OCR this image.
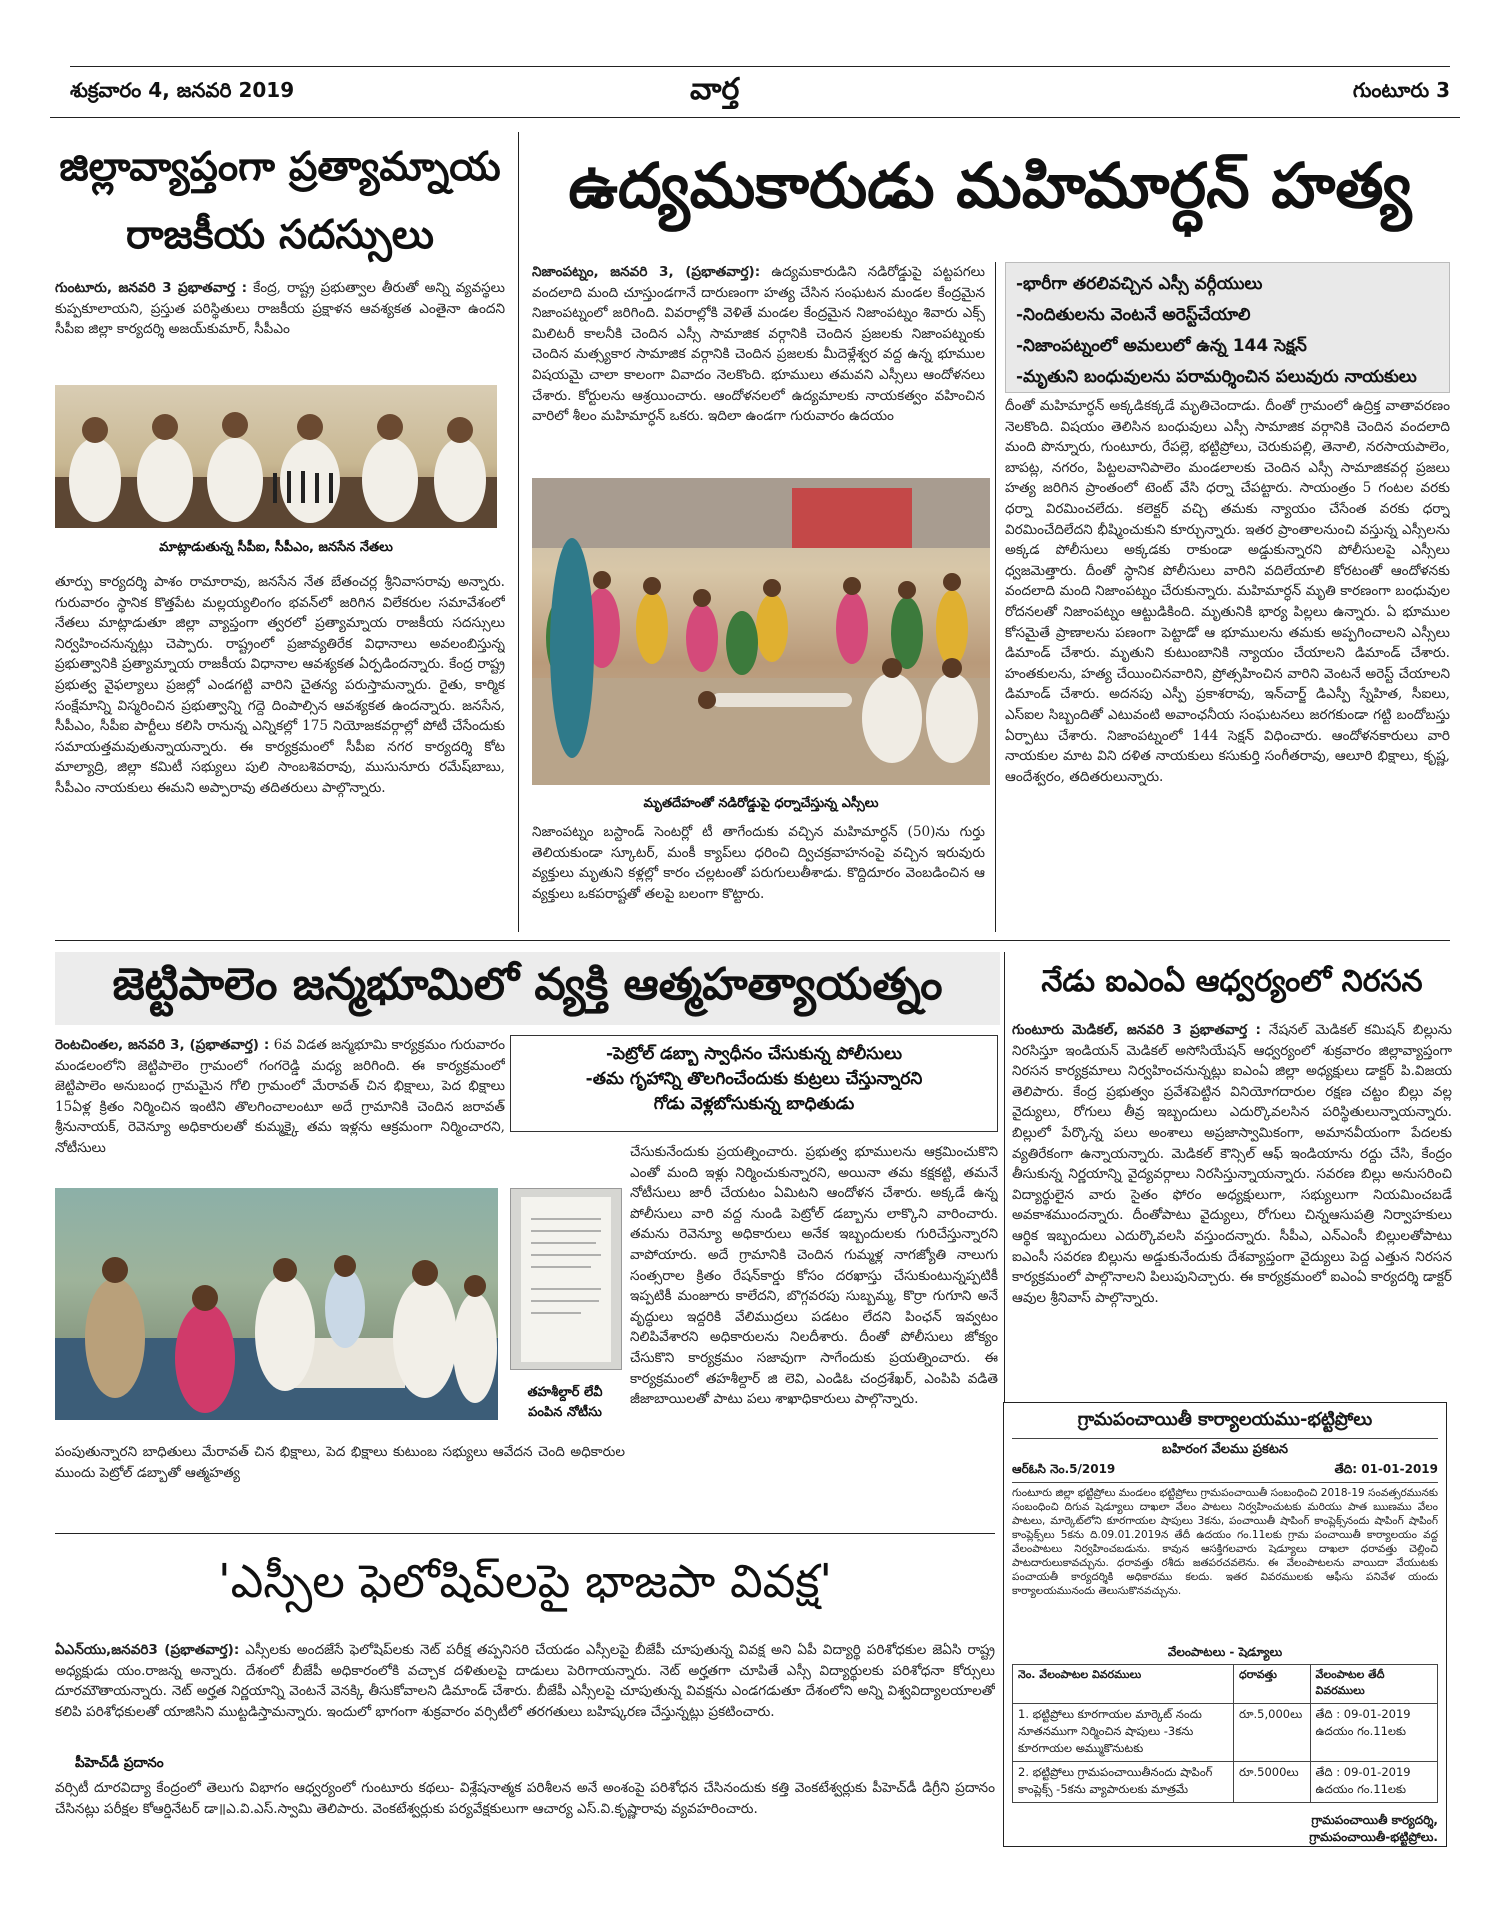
శుక్రవారం 4, జనవరి 2019	వార్త	గుంటూరు 3
జిల్లావ్యాప్తంగా ప్రత్యామ్నాయ
రాజకీయ సదస్సులు
గుంటూరు, జనవరి 3 ప్రభాతవార్త : కేంద్ర, రాష్ట్ర ప్రభుత్వాల తీరుతో అన్ని వ్యవస్థలు కుప్పకూలాయని, ప్రస్తుత పరిస్థితులు రాజకీయ ప్రక్షాళన ఆవశ్యకత ఎంతైనా ఉందని సీపీఐ జిల్లా కార్యదర్శి అజయ్‌కుమార్, సీపీఎం
మాట్లాడుతున్న సీపీఐ, సీపీఎం, జనసేన నేతలు
తూర్పు కార్యదర్శి పాశం రామారావు, జనసేన నేత బేతంచర్ల శ్రీనివాసరావు అన్నారు. గురువారం స్థానిక కొత్తపేట మల్లయ్యలింగం భవన్‌లో జరిగిన విలేకరుల సమావేశంలో నేతలు మాట్లాడుతూ జిల్లా వ్యాప్తంగా త్వరలో ప్రత్యామ్నాయ రాజకీయ సదస్సులు నిర్వహించనున్నట్లు చెప్పారు. రాష్ట్రంలో ప్రజావ్యతిరేక విధానాలు అవలంబిస్తున్న ప్రభుత్వానికి ప్రత్యామ్నాయ రాజకీయ విధానాల ఆవశ్యకత ఏర్పడిందన్నారు. కేంద్ర రాష్ట్ర ప్రభుత్వ వైఫల్యాలు ప్రజల్లో ఎండగట్టి వారిని చైతన్య పరుస్తామన్నారు. రైతు, కార్మిక సంక్షేమాన్ని విస్మరించిన ప్రభుత్వాన్ని గద్దె దింపాల్సిన ఆవశ్యకత ఉందన్నారు. జనసేన, సీపీఎం, సీపీఐ పార్టీలు కలిసి రానున్న ఎన్నికల్లో 175 నియోజకవర్గాల్లో పోటీ చేసేందుకు సమాయత్తమవుతున్నాయన్నారు. ఈ కార్యక్రమంలో సీపీఐ నగర కార్యదర్శి కోట మాల్యాద్రి, జిల్లా కమిటీ సభ్యులు పులి సాంబశివరావు, ముసునూరు రమేష్‌బాబు, సీపీఎం నాయకులు ఈమని అప్పారావు తదితరులు పాల్గొన్నారు.
ఉద్యమకారుడు మహిమార్ధన్ హత్య
నిజాంపట్నం, జనవరి 3, (ప్రభాతవార్త): ఉద్యమకారుడిని నడిరోడ్డుపై పట్టపగలు వందలాది మంది చూస్తుండగానే దారుణంగా హత్య చేసిన సంఘటన మండల కేంద్రమైన నిజాంపట్నంలో జరిగింది. వివరాల్లోకి వెళితే మండల కేంద్రమైన నిజాంపట్నం శివారు ఎక్స్ మిలిటరీ కాలనీకి చెందిన ఎస్సీ సామాజిక వర్గానికి చెందిన ప్రజలకు నిజాంపట్నంకు చెందిన మత్స్యకార సామాజిక వర్గానికి చెందిన ప్రజలకు మీదెళ్లేశ్వర వద్ద ఉన్న భూముల విషయమై చాలా కాలంగా వివాదం నెలకొంది. భూములు తమవని ఎస్సీలు ఆందోళనలు చేశారు. కోర్టులను ఆశ్రయించారు. ఆందోళనలలో ఉద్యమాలకు నాయకత్వం వహించిన వారిలో శీలం మహిమార్ధన్ ఒకరు. ఇదిలా ఉండగా గురువారం ఉదయం
-భారీగా తరలివచ్చిన ఎస్సీ వర్గీయులు
-నిందితులను వెంటనే అరెస్ట్‌చేయాలి
-నిజాంపట్నంలో అమలులో ఉన్న 144 సెక్షన్
-మృతుని బంధువులను పరామర్శించిన పలువురు నాయకులు
దీంతో మహిమార్ధన్ అక్కడికక్కడే మృతిచెందాడు. దీంతో గ్రామంలో ఉద్రిక్త వాతావరణం నెలకొంది. విషయం తెలిసిన బంధువులు ఎస్సీ సామాజిక వర్గానికి చెందిన వందలాది మంది పొన్నూరు, గుంటూరు, రేపల్లె, భట్టిప్రోలు, చెరుకుపల్లి, తెనాలి, నరసాయపాలెం, బాపట్ల, నగరం, పిట్టలవానిపాలెం మండలాలకు చెందిన ఎస్సీ సామాజికవర్గ ప్రజలు హత్య జరిగిన ప్రాంతంలో టెంట్ వేసి ధర్నా చేపట్టారు. సాయంత్రం 5 గంటల వరకు ధర్నా విరమించలేదు. కలెక్టర్ వచ్చి తమకు న్యాయం చేసేంత వరకు ధర్నా విరమించేదిలేదని భీష్మించుకుని కూర్చున్నారు. ఇతర ప్రాంతాలనుంచి వస్తున్న ఎస్సీలను అక్కడ పోలీసులు అక్కడకు రాకుండా అడ్డుకున్నారని పోలీసులపై ఎస్సీలు ధ్వజమెత్తారు. దీంతో స్థానిక పోలీసులు వారిని వదిలేయాలి కోరటంతో ఆందోళనకు వందలాది మంది నిజాంపట్నం చేరుకున్నారు. మహిమార్ధన్ మృతి కారణంగా బంధువుల రోదనలతో నిజాంపట్నం ఆట్టుడికింది. మృతునికి భార్య పిల్లలు ఉన్నారు. ఏ భూముల కోసమైతే ప్రాణాలను పణంగా పెట్టాడో ఆ భూములను తమకు అప్పగించాలని ఎస్సీలు డిమాండ్ చేశారు. మృతుని కుటుంబానికి న్యాయం చేయాలని డిమాండ్ చేశారు. హంతకులను, హత్య చేయించినవారిని, ప్రోత్సహించిన వారిని వెంటనే అరెస్ట్ చేయాలని డిమాండ్ చేశారు. అదనపు ఎస్పీ ప్రకాశరావు, ఇన్‌చార్జ్ డిఎస్పీ స్నేహిత, సీఐలు, ఎస్ఐల సిబ్బందితో ఎటువంటి అవాంఛనీయ సంఘటనలు జరగకుండా గట్టి బందోబస్తు ఏర్పాటు చేశారు. నిజాంపట్నంలో 144 సెక్షన్ విధించారు. ఆందోళనకారులు వారి నాయకుల మాట విని దళిత నాయకులు కసుకుర్తి సంగీతరావు, ఆలూరి భిక్షాలు, కృష్ణ, ఆందేశ్వరం, తదితరులున్నారు.
మృతదేహంతో నడిరోడ్డుపై ధర్నాచేస్తున్న ఎస్సీలు
నిజాంపట్నం బస్టాండ్ సెంటర్లో టీ తాగేందుకు వచ్చిన మహిమార్ధన్ (50)ను గుర్తు తెలియకుండా స్కూటర్, మంకీ క్యాప్‌లు ధరించి ద్విచక్రవాహనంపై వచ్చిన ఇరువురు వ్యక్తులు మృతుని కళ్లల్లో కారం చల్లటంతో పరుగులుతీశాడు. కొద్దిదూరం వెంబడించిన ఆ వ్యక్తులు ఒకపరాష్టతో తలపై బలంగా కొట్టారు.
జెట్టిపాలెం జన్మభూమిలో వ్యక్తి ఆత్మహత్యాయత్నం
రెంటచింతల, జనవరి 3, (ప్రభాతవార్త) : 6వ విడత జన్మభూమి కార్యక్రమం గురువారం మండలంలోని జెట్టిపాలెం గ్రామంలో గంగరెడ్డి మధ్య జరిగింది. ఈ కార్యక్రమంలో జెట్టిపాలెం అనుబంధ గ్రామమైన గోలి గ్రామంలో మేరావత్ చిన భిక్షాలు, పెద భిక్షాలు 15ఏళ్ల క్రితం నిర్మించిన ఇంటిని తొలగించాలంటూ అదే గ్రామానికి చెందిన జరావత్ శ్రీనునాయక్, రెవెన్యూ అధికారులతో కుమ్మక్కై తమ ఇళ్లను ఆక్రమంగా నిర్మించారని, నోటీసులు
-పెట్రోల్ డబ్బా స్వాధీనం చేసుకున్న పోలీసులు
-తమ గృహాన్ని తొలగించేందుకు కుట్రలు చేస్తున్నారని
గోడు వెళ్లబోసుకున్న బాధితుడు
తహశీల్దార్ లేవీ
పంపిన నోటీసు
చేసుకునేందుకు ప్రయత్నించారు. ప్రభుత్వ భూములను ఆక్రమించుకొని ఎంతో మంది ఇళ్లు నిర్మించుకున్నారని, అయినా తమ కక్షకట్టి, తమనే నోటీసులు జారీ చేయటం ఏమిటని ఆందోళన చేశారు. అక్కడే ఉన్న పోలీసులు వారి వద్ద నుండి పెట్రోల్ డబ్బాను లాక్కొని వారించారు. తమను రెవెన్యూ అధికారులు అనేక ఇబ్బందులకు గురిచేస్తున్నారని వాపోయారు. అదే గ్రామానికి చెందిన గుమ్మళ్ల నాగజ్యోతి నాలుగు సంత్సరాల క్రితం రేషన్‌కార్డు కోసం దరఖాస్తు చేసుకుంటున్నప్పటికీ ఇప్పటికీ మంజూరు కాలేదని, బొగ్గవరపు సుబ్బమ్మ, కొర్రా గుగూని అనే వృద్ధులు ఇద్దరికి వేలిముద్రలు పడటం లేదని పింఛన్ ఇవ్వటం నిలిపివేశారని అధికారులను నిలదీశారు. దీంతో పోలీసులు జోక్యం చేసుకొని కార్యక్రమం సజావుగా సాగేందుకు ప్రయత్నించారు. ఈ కార్యక్రమంలో తహశీల్దార్ జి లెవి, ఎండిఓ చంద్రశేఖర్, ఎంపిపి వడితె జీజాబాయిలతో పాటు పలు శాఖాధికారులు పాల్గొన్నారు.
పంపుతున్నారని బాధితులు మేరావత్ చిన భిక్షాలు, పెద భిక్షాలు కుటుంబ సభ్యులు ఆవేదన చెంది అధికారుల ముందు పెట్రోల్ డబ్బాతో ఆత్మహత్య
నేడు ఐఎంఏ ఆధ్వర్యంలో నిరసన
గుంటూరు మెడికల్, జనవరి 3 ప్రభాతవార్త : నేషనల్ మెడికల్ కమిషన్ బిల్లును నిరసిస్తూ ఇండియన్ మెడికల్ అసోసియేషన్ ఆధ్వర్యంలో శుక్రవారం జిల్లావ్యాప్తంగా నిరసన కార్యక్రమాలు నిర్వహించనున్నట్లు ఐఎంఏ జిల్లా అధ్యక్షులు డాక్టర్ పి.విజయ తెలిపారు. కేంద్ర ప్రభుత్వం ప్రవేశపెట్టిన వినియోగదారుల రక్షణ చట్టం బిల్లు వల్ల వైద్యులు, రోగులు తీవ్ర ఇబ్బందులు ఎదుర్కొవలసిన పరిస్థితులున్నాయన్నారు. బిల్లులో పేర్కొన్న పలు అంశాలు అప్రజాస్వామికంగా, అమానవీయంగా పేదలకు వ్యతిరేకంగా ఉన్నాయన్నారు. మెడికల్ కౌన్సిల్ ఆఫ్ ఇండియాను రద్దు చేసి, కేంద్రం తీసుకున్న నిర్ణయాన్ని వైద్యవర్గాలు నిరసిస్తున్నాయన్నారు. సవరణ బిల్లు అనుసరించి విద్యార్థులైన వారు సైతం ఫోరం అధ్యక్షులుగా, సభ్యులుగా నియమించబడే అవకాశముందన్నారు. దీంతోపాటు వైద్యులు, రోగులు చిన్నఆసుపత్రి నిర్వాహకులు ఆర్థిక ఇబ్బందులు ఎదుర్కొవలసి వస్తుందన్నారు. సీపీఎ, ఎన్ఎంసీ బిల్లులతోపాటు ఐఎంసీ సవరణ బిల్లును అడ్డుకునేందుకు దేశవ్యాప్తంగా వైద్యులు పెద్ద ఎత్తున నిరసన కార్యక్రమంలో పాల్గొనాలని పిలుపునిచ్చారు. ఈ కార్యక్రమంలో ఐఎంఏ కార్యదర్శి డాక్టర్ ఆవుల శ్రీనివాస్ పాల్గొన్నారు.
గ్రామపంచాయితీ కార్యాలయము-భట్టిప్రోలు
బహిరంగ వేలము ప్రకటన
ఆర్‌ఓసి నెం.5/2019	తేది: 01-01-2019
గుంటూరు జిల్లా భట్టిప్రోలు మండలం భట్టిప్రోలు గ్రామపంచాయితీ సంబంధించి 2018-19 సంవత్సరమునకు సంబంధించి దిగువ షెడ్యూలు దాఖలా వేలం పాటలు నిర్వహించుటకు మరియు పాత ఋణము వేలం పాటలు, మార్కెట్‌లోని కూరగాయల షాపులు 3కను, పంచాయితీ షాపింగ్ కాంప్లెక్స్‌నందు షాపింగ్ షాపింగ్ కాంప్లెక్స్‌లు 5కను ది.09.01.2019న తేదీ ఉదయం గం.11లకు గ్రామ పంచాయితీ కార్యాలయం వద్ద వేలంపాటలు నిర్వహించబడును. కావున ఆసక్తిగలవారు షెడ్యూలు దాఖలా ధరావత్తు చెల్లించి పాటదారులుకావచ్చును. ధరావత్తు రశీదు జతపరచవలెను. ఈ వేలంపాటలను వాయిదా వేయుటకు పంచాయతీ కార్యదర్శికి అధికారము కలదు. ఇతర వివరములకు ఆఫీసు పనివేళ యందు కార్యాలయమునందు తెలుసుకొనవచ్చును.
వేలంపాటలు - షెడ్యూలు
నెం. వేలంపాటల వివరములు	ధరావత్తు	వేలంపాటల తేదీ వివరములు
1. భట్టిప్రోలు కూరగాయల మార్కెట్ నందు నూతనముగా నిర్మించిన షాపులు -3కను కూరగాయల అమ్ముకొనుటకు	రూ.5,000లు	తేది : 09-01-2019 ఉదయం గం.11లకు
2. భట్టిప్రోలు గ్రామపంచాయితీనందు షాపింగ్ కాంప్లెక్స్ -5కను వ్యాపారులకు మాత్రమే	రూ.5000లు	తేది : 09-01-2019 ఉదయం గం.11లకు
గ్రామపంచాయితీ కార్యదర్శి,
గ్రామపంచాయితీ-భట్టిప్రోలు.
'ఎస్సీల ఫెలోషిప్‌లపై భాజపా వివక్ష'
ఏఎన్‌యు,జనవరి3 (ప్రభాతవార్త): ఎస్సీలకు అందజేసే ఫెలోషిప్‌లకు నెట్ పరీక్ష తప్పనిసరి చేయడం ఎస్సీలపై బీజేపీ చూపుతున్న వివక్ష అని ఏపీ విద్యార్థి పరిశోధకుల జెఏసి రాష్ట్ర అధ్యక్షుడు యం.రాజన్న అన్నారు. దేశంలో బీజేపీ అధికారంలోకి వచ్చాక దళితులపై దాడులు పెరిగాయన్నారు. నెట్ అర్హతగా చూపితే ఎస్సీ విద్యార్థులకు పరిశోధనా కోర్సులు దూరమౌతాయన్నారు. నెట్ అర్హత నిర్ణయాన్ని వెంటనే వెనక్కి తీసుకోవాలని డిమాండ్ చేశారు. బీజేపీ ఎస్సీలపై చూపుతున్న వివక్షను ఎండగడుతూ దేశంలోని అన్ని విశ్వవిద్యాలయాలతో కలిపి పరిశోధకులతో యాజిసిని ముట్టడిస్తామన్నారు. ఇందులో భాగంగా శుక్రవారం వర్సిటీలో తరగతులు బహిష్కరణ చేస్తున్నట్లు ప్రకటించారు.
పీహెచ్‌డీ ప్రదానం
వర్సిటీ దూరవిద్యా కేంద్రంలో తెలుగు విభాగం ఆధ్వర్యంలో గుంటూరు కథలు- విశ్లేషనాత్మక పరిశీలన అనే అంశంపై పరిశోధన చేసినందుకు కత్తి వెంకటేశ్వర్లుకు పీహెచ్‌డీ డిగ్రీని ప్రదానం చేసినట్లు పరీక్షల కోఆర్డినేటర్ డా॥ఎ.వి.ఎస్.స్వామి తెలిపారు. వెంకటేశ్వర్లుకు పర్యవేక్షకులుగా ఆచార్య ఎస్.వి.కృష్ణారావు వ్యవహరించారు.
